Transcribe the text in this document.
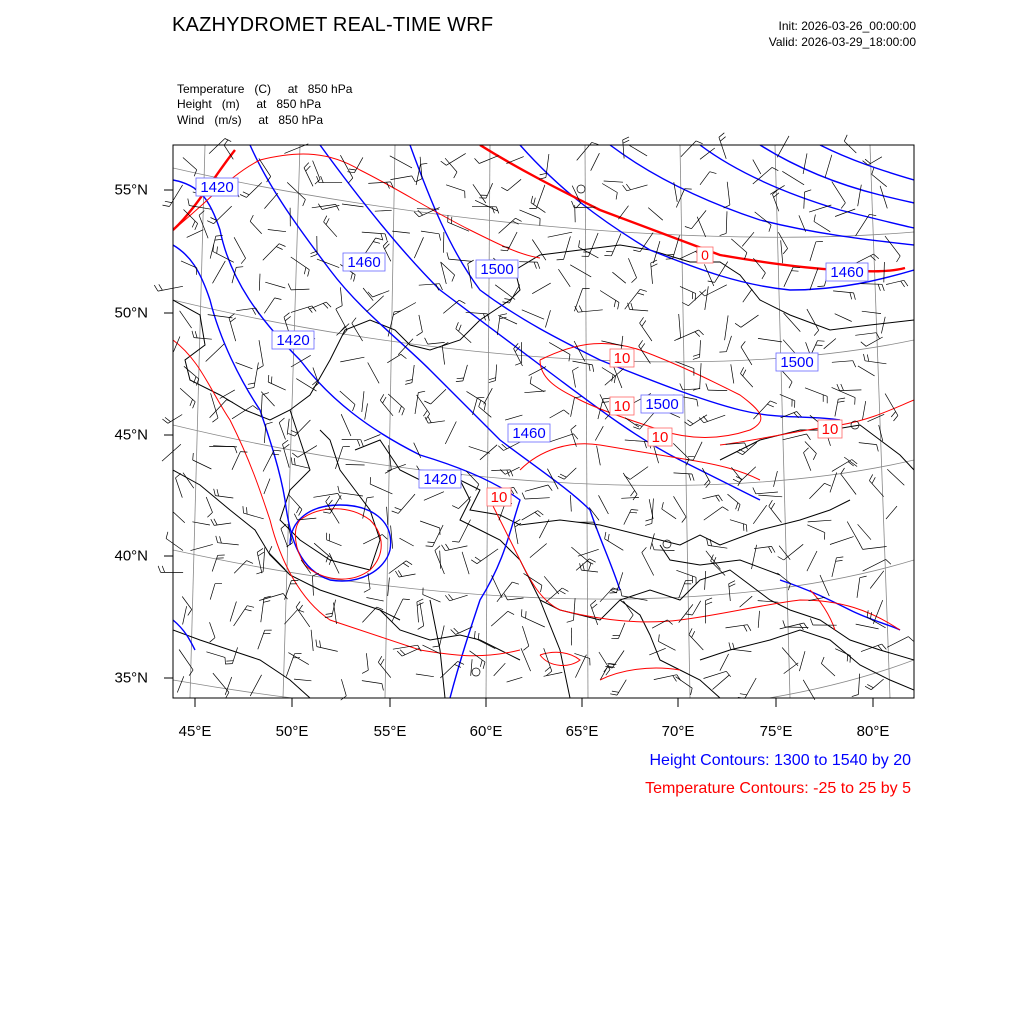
KAZHYDROMET REAL-TIME WRF	Init: 2026-03-26_00:00:00
Valid: 2026-03-29_18:00:00
Temperature   (C)     at   850 hPa
Height   (m)     at   850 hPa
Wind   (m/s)     at   850 hPa
1420
1460	1500
1420
1460
1500
1500
1460
1420
0
10
10
10	10
10
45°E	50°E	55°E	60°E	65°E	70°E	75°E	80°E
55°N
50°N
45°N
40°N
35°N
Height Contours: 1300 to 1540 by 20
Temperature Contours: -25 to 25 by 5
